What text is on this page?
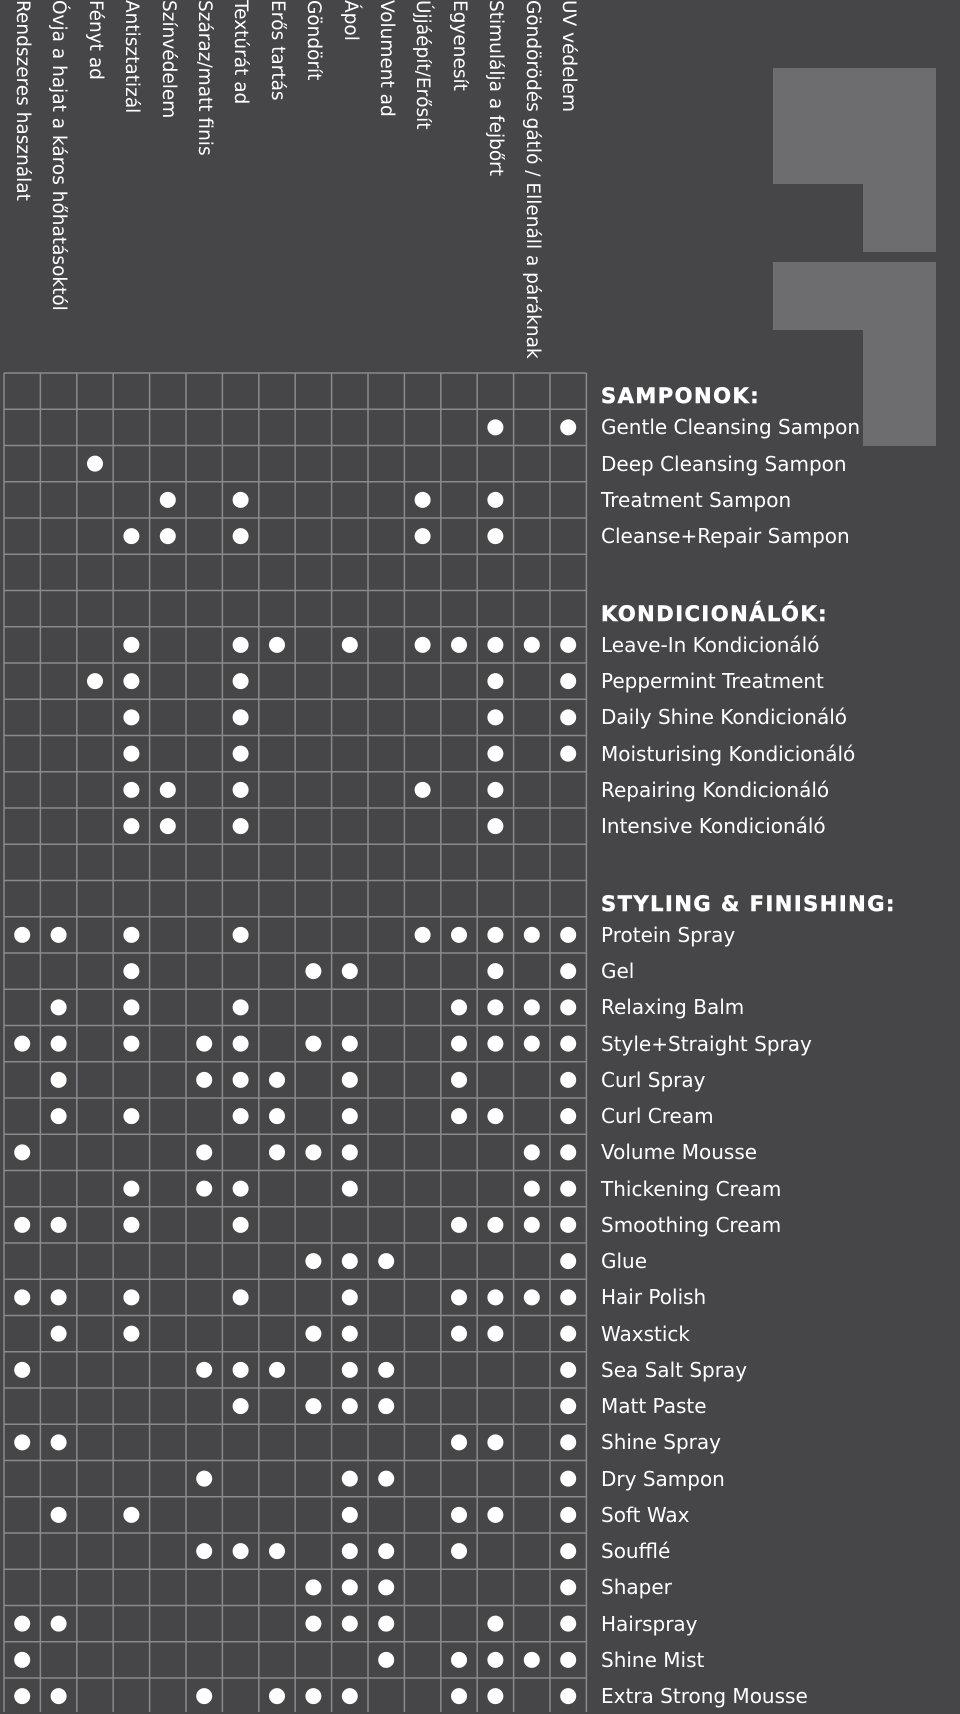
Rendszeres használat Óvja a hajat a káros hőhatásoktól Fényt ad Antisztatizál Színvédelem Száraz/matt finis Textúrát ad Erős tartás Göndörít Ápol Volument ad Újjáépít/Erősít Egyenesít Stimulálja a fejbőrt Göndörödés gátló / Ellenáll a páráknak UV védelem
SAMPONOK:
Gentle Cleansing Sampon
Deep Cleansing Sampon
Treatment Sampon
Cleanse+Repair Sampon
KONDICIONÁLÓK:
Leave-In Kondicionáló
Peppermint Treatment
Daily Shine Kondicionáló
Moisturising Kondicionáló
Repairing Kondicionáló
Intensive Kondicionáló
STYLING & FINISHING:
Protein Spray
Gel
Relaxing Balm
Style+Straight Spray
Curl Spray
Curl Cream
Volume Mousse
Thickening Cream
Smoothing Cream
Glue
Hair Polish
Waxstick
Sea Salt Spray
Matt Paste
Shine Spray
Dry Sampon
Soft Wax
Soufflé
Shaper
Hairspray
Shine Mist
Extra Strong Mousse
